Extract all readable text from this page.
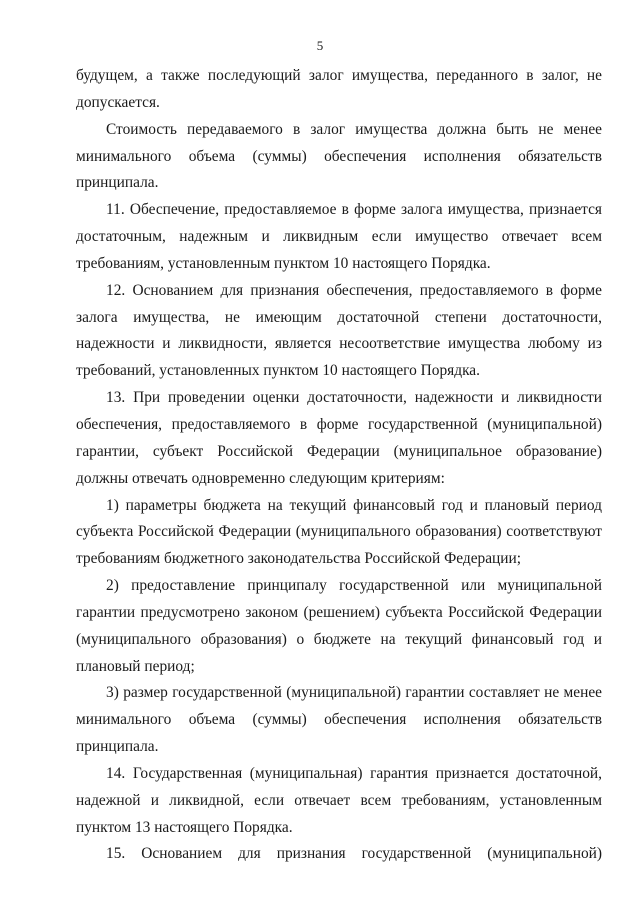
5

будущем, а также последующий залог имущества, переданного в залог, не допускается.

Стоимость передаваемого в залог имущества должна быть не менее минимального объема (суммы) обеспечения исполнения обязательств принципала.

11. Обеспечение, предоставляемое в форме залога имущества, признается достаточным, надежным и ликвидным если имущество отвечает всем требованиям, установленным пунктом 10 настоящего Порядка.

12. Основанием для признания обеспечения, предоставляемого в форме залога имущества, не имеющим достаточной степени достаточности, надежности и ликвидности, является несоответствие имущества любому из требований, установленных пунктом 10 настоящего Порядка.

13. При проведении оценки достаточности, надежности и ликвидности обеспечения, предоставляемого в форме государственной (муниципальной) гарантии, субъект Российской Федерации (муниципальное образование) должны отвечать одновременно следующим критериям:

1) параметры бюджета на текущий финансовый год и плановый период субъекта Российской Федерации (муниципального образования) соответствуют требованиям бюджетного законодательства Российской Федерации;

2) предоставление принципалу государственной или муниципальной гарантии предусмотрено законом (решением) субъекта Российской Федерации (муниципального образования) о бюджете на текущий финансовый год и плановый период;

3) размер государственной (муниципальной) гарантии составляет не менее минимального объема (суммы) обеспечения исполнения обязательств принципала.

14. Государственная (муниципальная) гарантия признается достаточной, надежной и ликвидной, если отвечает всем требованиям, установленным пунктом 13 настоящего Порядка.

15. Основанием для признания государственной (муниципальной)
